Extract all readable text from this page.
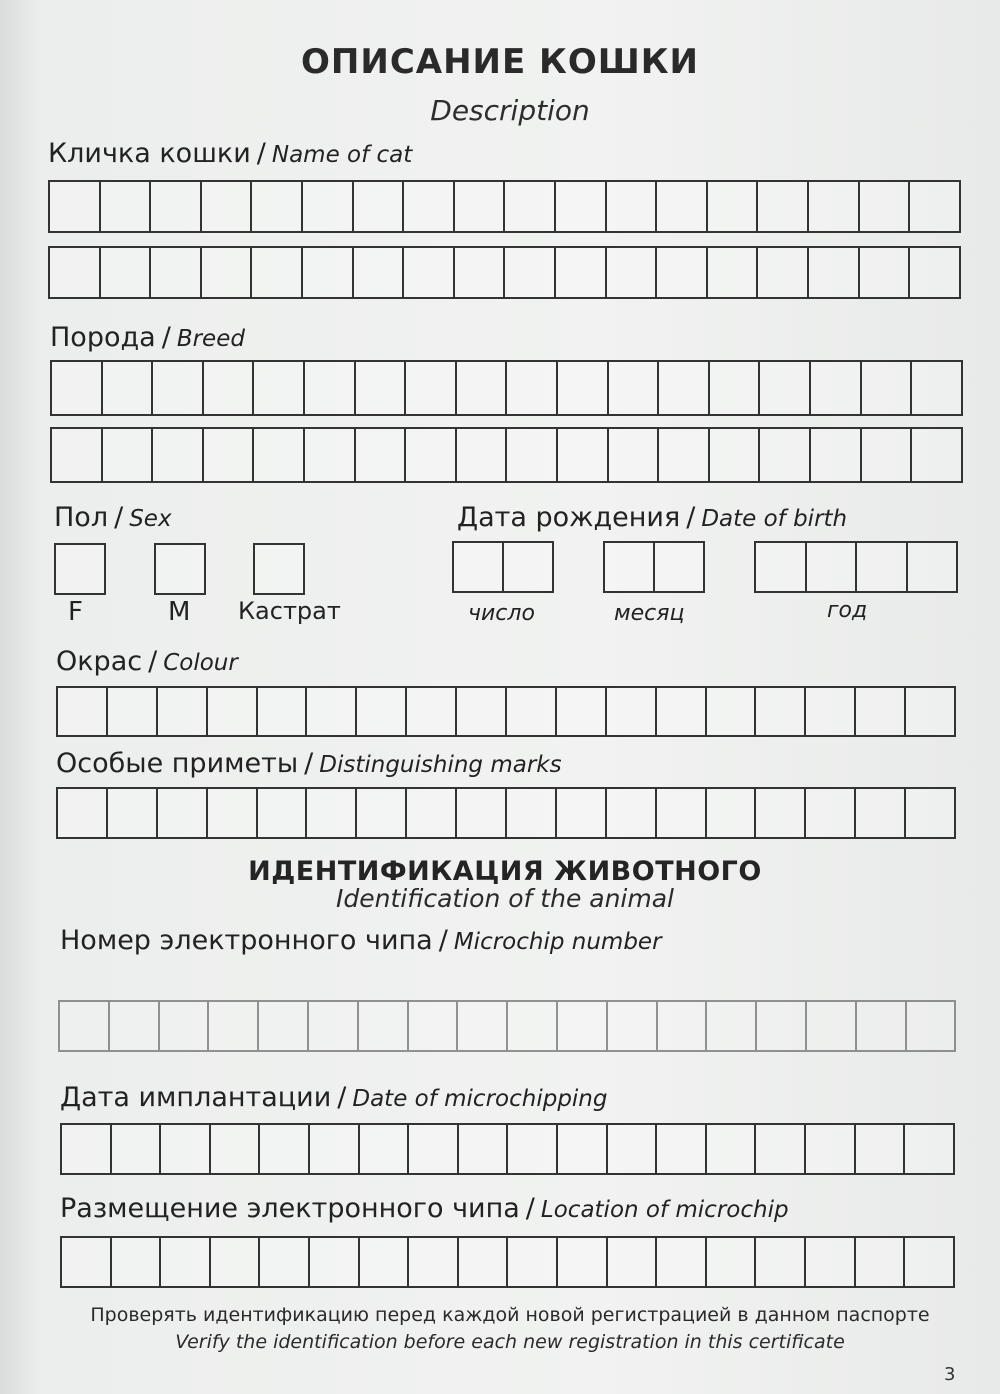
ОПИСАНИЕ КОШКИ
Description
Кличка кошки / Name of cat
Порода / Breed
Пол / Sex
F	M Кастрат
Дата рождения / Date of birth
число	месяц	год
Окрас / Colour
Особые приметы / Distinguishing marks
ИДЕНТИФИКАЦИЯ ЖИВОТНОГО
Identification of the animal
Номер электронного чипа / Microchip number
Дата имплантации / Date of microchipping
Размещение электронного чипа / Location of microchip
Проверять идентификацию перед каждой новой регистрацией в данном паспорте
Verify the identification before each new registration in this certificate
3
